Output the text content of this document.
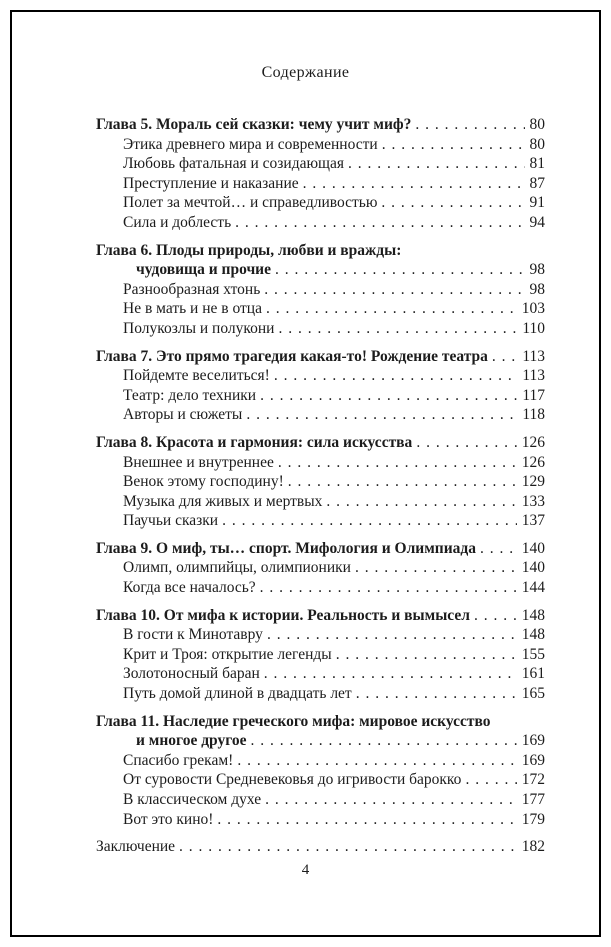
Содержание
Глава 5. Мораль сей сказки: чему учит миф? . . .	80
Этика древнего мира и современности . . .	80
Любовь фатальная и созидающая . . .	81
Преступление и наказание . . .	87
Полет за мечтой… и справедливостью . . .	91
Сила и доблесть . . .	94
Глава 6. Плоды природы, любви и вражды:
чудовища и прочие . . .	98
Разнообразная хтонь . . .	98
Не в мать и не в отца . . .	103
Полукозлы и полукони . . .	110
Глава 7. Это прямо трагедия какая-то! Рождение театра . . . 113
Пойдемте веселиться! . . .	113
Театр: дело техники . . .	117
Авторы и сюжеты . . .	118
Глава 8. Красота и гармония: сила искусства . . .	126
Внешнее и внутреннее . . .	126
Венок этому господину! . . .	129
Музыка для живых и мертвых . . .	133
Паучьи сказки . . .	137
Глава 9. О миф, ты… спорт. Мифология и Олимпиада . . .	140
Олимп, олимпийцы, олимпионики . . .	140
Когда все началось? . . .	144
Глава 10. От мифа к истории. Реальность и вымысел . . .	148
В гости к Минотавру . . .	148
Крит и Троя: открытие легенды . . .	155
Золотоносный баран . . .	161
Путь домой длиной в двадцать лет . . .	165
Глава 11. Наследие греческого мифа: мировое искусство
и многое другое . . .	169
Спасибо грекам! . . .	169
От суровости Средневековья до игривости барокко . . .	172
В классическом духе . . .	177
Вот это кино! . . .	179
Заключение . . .	182
4
